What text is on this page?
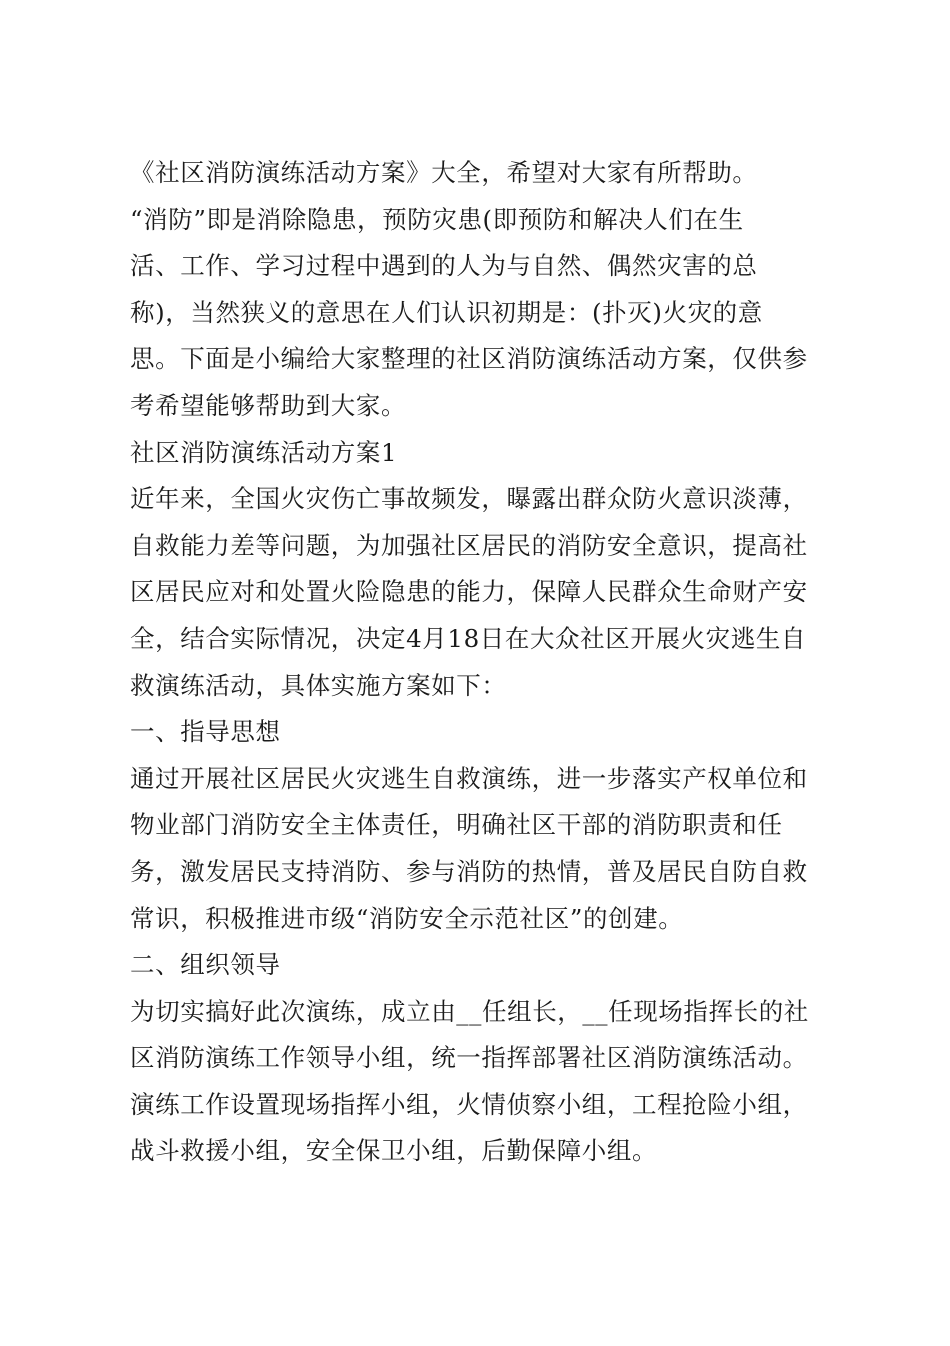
《社区消防演练活动方案》大全，希望对大家有所帮助。
“消防”即是消除隐患，预防灾患(即预防和解决人们在生
活、工作、学习过程中遇到的人为与自然、偶然灾害的总
称)，当然狭义的意思在人们认识初期是：(扑灭)火灾的意
思。下面是小编给大家整理的社区消防演练活动方案，仅供参
考希望能够帮助到大家。
社区消防演练活动方案1
近年来，全国火灾伤亡事故频发，曝露出群众防火意识淡薄，
自救能力差等问题，为加强社区居民的消防安全意识，提高社
区居民应对和处置火险隐患的能力，保障人民群众生命财产安
全，结合实际情况，决定4月18日在大众社区开展火灾逃生自
救演练活动，具体实施方案如下：
一、指导思想
通过开展社区居民火灾逃生自救演练，进一步落实产权单位和
物业部门消防安全主体责任，明确社区干部的消防职责和任
务，激发居民支持消防、参与消防的热情，普及居民自防自救
常识，积极推进市级“消防安全示范社区”的创建。
二、组织领导
为切实搞好此次演练，成立由__任组长，__任现场指挥长的社
区消防演练工作领导小组，统一指挥部署社区消防演练活动。
演练工作设置现场指挥小组，火情侦察小组，工程抢险小组，
战斗救援小组，安全保卫小组，后勤保障小组。
